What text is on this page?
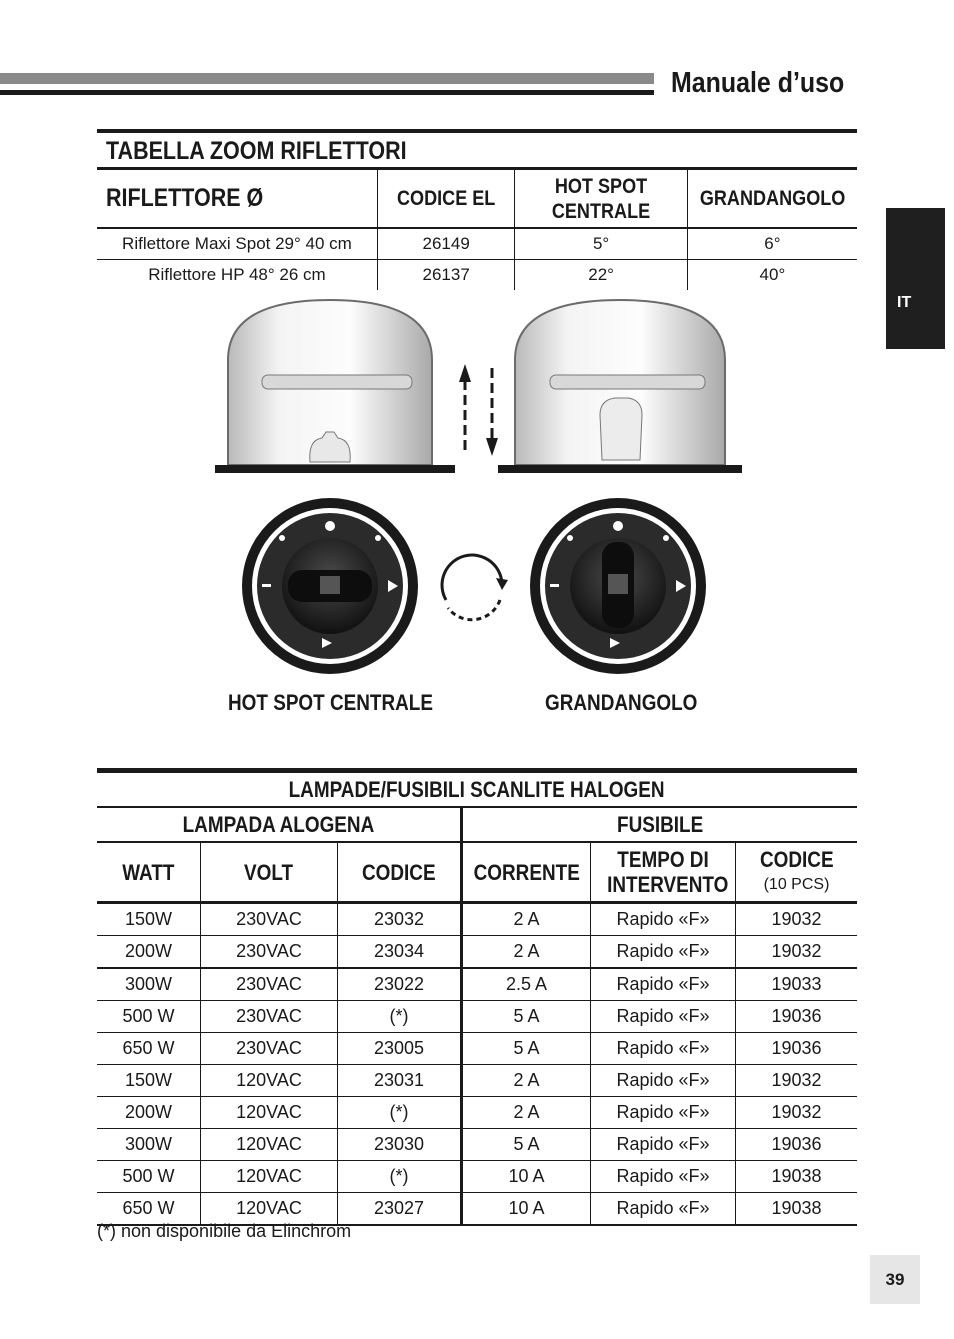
Manuale d’uso
IT
TABELLA ZOOM RIFLETTORI
RIFLETTORE Ø	CODICE EL	HOT SPOT CENTRALE	GRANDANGOLO
Riflettore Maxi Spot 29° 40 cm	26149	5°	6°
Riflettore HP 48° 26 cm	26137	22°	40°
HOT SPOT CENTRALE	GRANDANGOLO
LAMPADE/FUSIBILI SCANLITE HALOGEN					
LAMPADA ALOGENA			FUSIBILE		
WATT	VOLT	CODICE	CORRENTE	TEMPO DI INTERVENTO	CODICE
(10 PCS)
150W	230VAC	23032	2 A	Rapido «F»	19032
200W	230VAC	23034	2 A	Rapido «F»	19032
300W	230VAC	23022	2.5 A	Rapido «F»	19033
500 W	230VAC	(*)	5 A	Rapido «F»	19036
650 W	230VAC	23005	5 A	Rapido «F»	19036
150W	120VAC	23031	2 A	Rapido «F»	19032
200W	120VAC	(*)	2 A	Rapido «F»	19032
300W	120VAC	23030	5 A	Rapido «F»	19036
500 W	120VAC	(*)	10 A	Rapido «F»	19038
650 W	120VAC	23027	10 A	Rapido «F»	19038
(*) non disponibile da Elinchrom
39
